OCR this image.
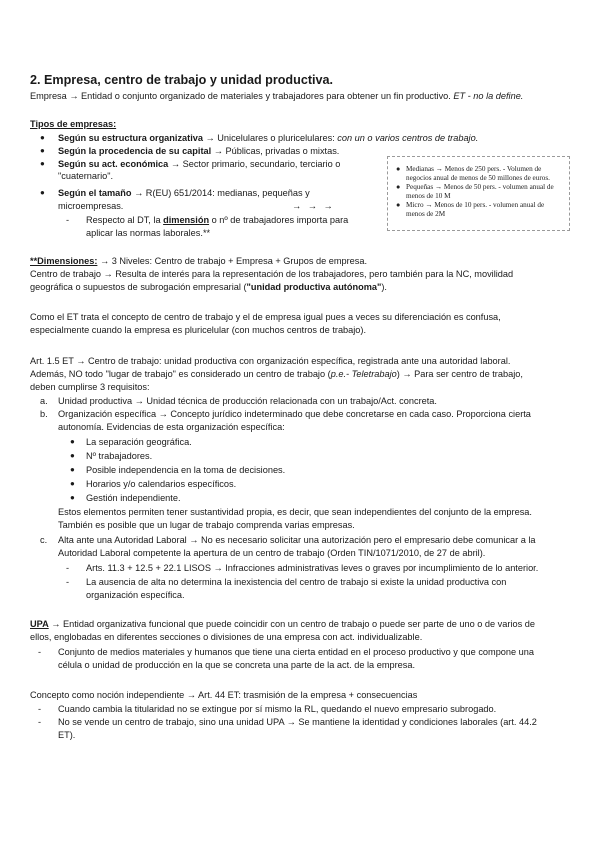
2. Empresa, centro de trabajo y unidad productiva.
Empresa → Entidad o conjunto organizado de materiales y trabajadores para obtener un fin productivo. ET - no la define.
Tipos de empresas:
● Según su estructura organizativa → Unicelulares o pluricelulares: con un o varios centros de trabajo.
● Según la procedencia de su capital → Públicas, privadas o mixtas.
● Según su act. económica → Sector primario, secundario, terciario o
"cuaternario".
● Según el tamaño → R(EU) 651/2014: medianas, pequeñas y
microempresas.	→ → →
- Respecto al DT, la dimensión o nº de trabajadores importa para
aplicar las normas laborales.**
● Medianas → Menos de 250 pers. - Volumen de
negocios anual de menos de 50 millones de euros.
● Pequeñas → Menos de 50 pers. - volumen anual de
menos de 10 M
● Micro → Menos de 10 pers. - volumen anual de
menos de 2M
**Dimensiones: → 3 Niveles: Centro de trabajo + Empresa + Grupos de empresa.
Centro de trabajo → Resulta de interés para la representación de los trabajadores, pero también para la NC, movilidad
geográfica o supuestos de subrogación empresarial ("unidad productiva autónoma").
Como el ET trata el concepto de centro de trabajo y el de empresa igual pues a veces su diferenciación es confusa,
especialmente cuando la empresa es pluricelular (con muchos centros de trabajo).
Art. 1.5 ET → Centro de trabajo: unidad productiva con organización específica, registrada ante una autoridad laboral.
Además, NO todo "lugar de trabajo" es considerado un centro de trabajo (p.e.- Teletrabajo) → Para ser centro de trabajo,
deben cumplirse 3 requisitos:
a. Unidad productiva → Unidad técnica de producción relacionada con un trabajo/Act. concreta.
b. Organización específica → Concepto jurídico indeterminado que debe concretarse en cada caso. Proporciona cierta
autonomía. Evidencias de esta organización específica:
● La separación geográfica.
● Nº trabajadores.
● Posible independencia en la toma de decisiones.
● Horarios y/o calendarios específicos.
● Gestión independiente.
Estos elementos permiten tener sustantividad propia, es decir, que sean independientes del conjunto de la empresa.
También es posible que un lugar de trabajo comprenda varias empresas.
c. Alta ante una Autoridad Laboral → No es necesario solicitar una autorización pero el empresario debe comunicar a la
Autoridad Laboral competente la apertura de un centro de trabajo (Orden TIN/1071/2010, de 27 de abril).
- Arts. 11.3 + 12.5 + 22.1 LISOS → Infracciones administrativas leves o graves por incumplimiento de lo anterior.
- La ausencia de alta no determina la inexistencia del centro de trabajo si existe la unidad productiva con
organización específica.
UPA → Entidad organizativa funcional que puede coincidir con un centro de trabajo o puede ser parte de uno o de varios de
ellos, englobadas en diferentes secciones o divisiones de una empresa con act. individualizable.
- Conjunto de medios materiales y humanos que tiene una cierta entidad en el proceso productivo y que compone una
célula o unidad de producción en la que se concreta una parte de la act. de la empresa.
Concepto como noción independiente → Art. 44 ET: trasmisión de la empresa + consecuencias
- Cuando cambia la titularidad no se extingue por sí mismo la RL, quedando el nuevo empresario subrogado.
- No se vende un centro de trabajo, sino una unidad UPA → Se mantiene la identidad y condiciones laborales (art. 44.2
ET).
